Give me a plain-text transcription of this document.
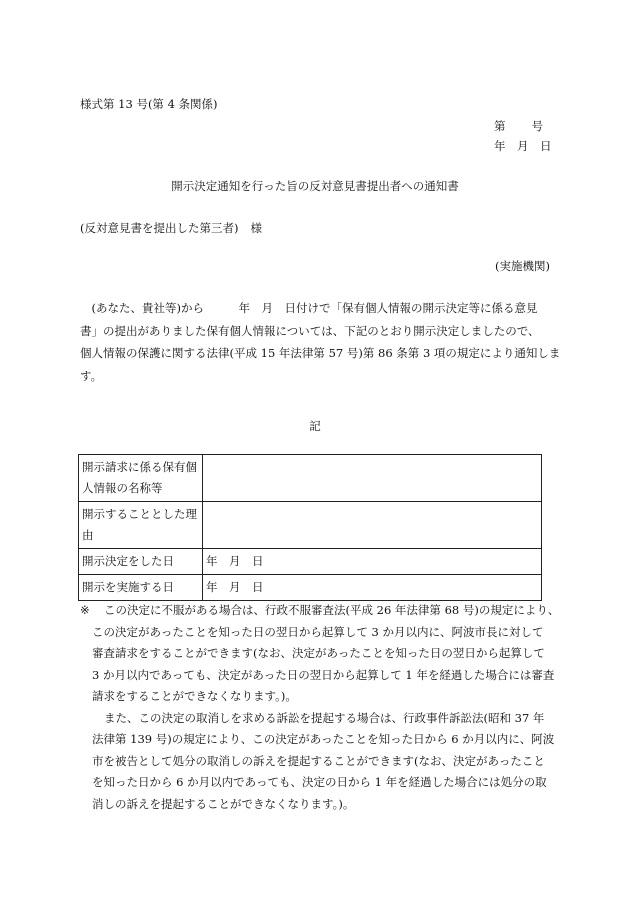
様式第 13 号(第 4 条関係)
第 号
年　月　日
開示決定通知を行った旨の反対意見書提出者への通知書
(反対意見書を提出した第三者) 様
(実施機関)
　(あなた、貴社等)から　　　年　月　日付けで「保有個人情報の開示決定等に係る意見
書」の提出がありました保有個人情報については、下記のとおり開示決定しましたので、
個人情報の保護に関する法律(平成 15 年法律第 57 号)第 86 条第 3 項の規定により通知しま
す。
記
開示請求に係る保有個人情報の名称等	
開示することとした理由	
開示決定をした日	年　月　日
開示を実施する日	年　月　日
※ この決定に不服がある場合は、行政不服審査法(平成 26 年法律第 68 号)の規定により、
この決定があったことを知った日の翌日から起算して 3 か月以内に、阿波市長に対して
審査請求をすることができます(なお、決定があったことを知った日の翌日から起算して
3 か月以内であっても、決定があった日の翌日から起算して 1 年を経過した場合には審査
請求をすることができなくなります。)。
また、この決定の取消しを求める訴訟を提起する場合は、行政事件訴訟法(昭和 37 年
法律第 139 号)の規定により、この決定があったことを知った日から 6 か月以内に、阿波
市を被告として処分の取消しの訴えを提起することができます(なお、決定があったこと
を知った日から 6 か月以内であっても、決定の日から 1 年を経過した場合には処分の取
消しの訴えを提起することができなくなります。)。
